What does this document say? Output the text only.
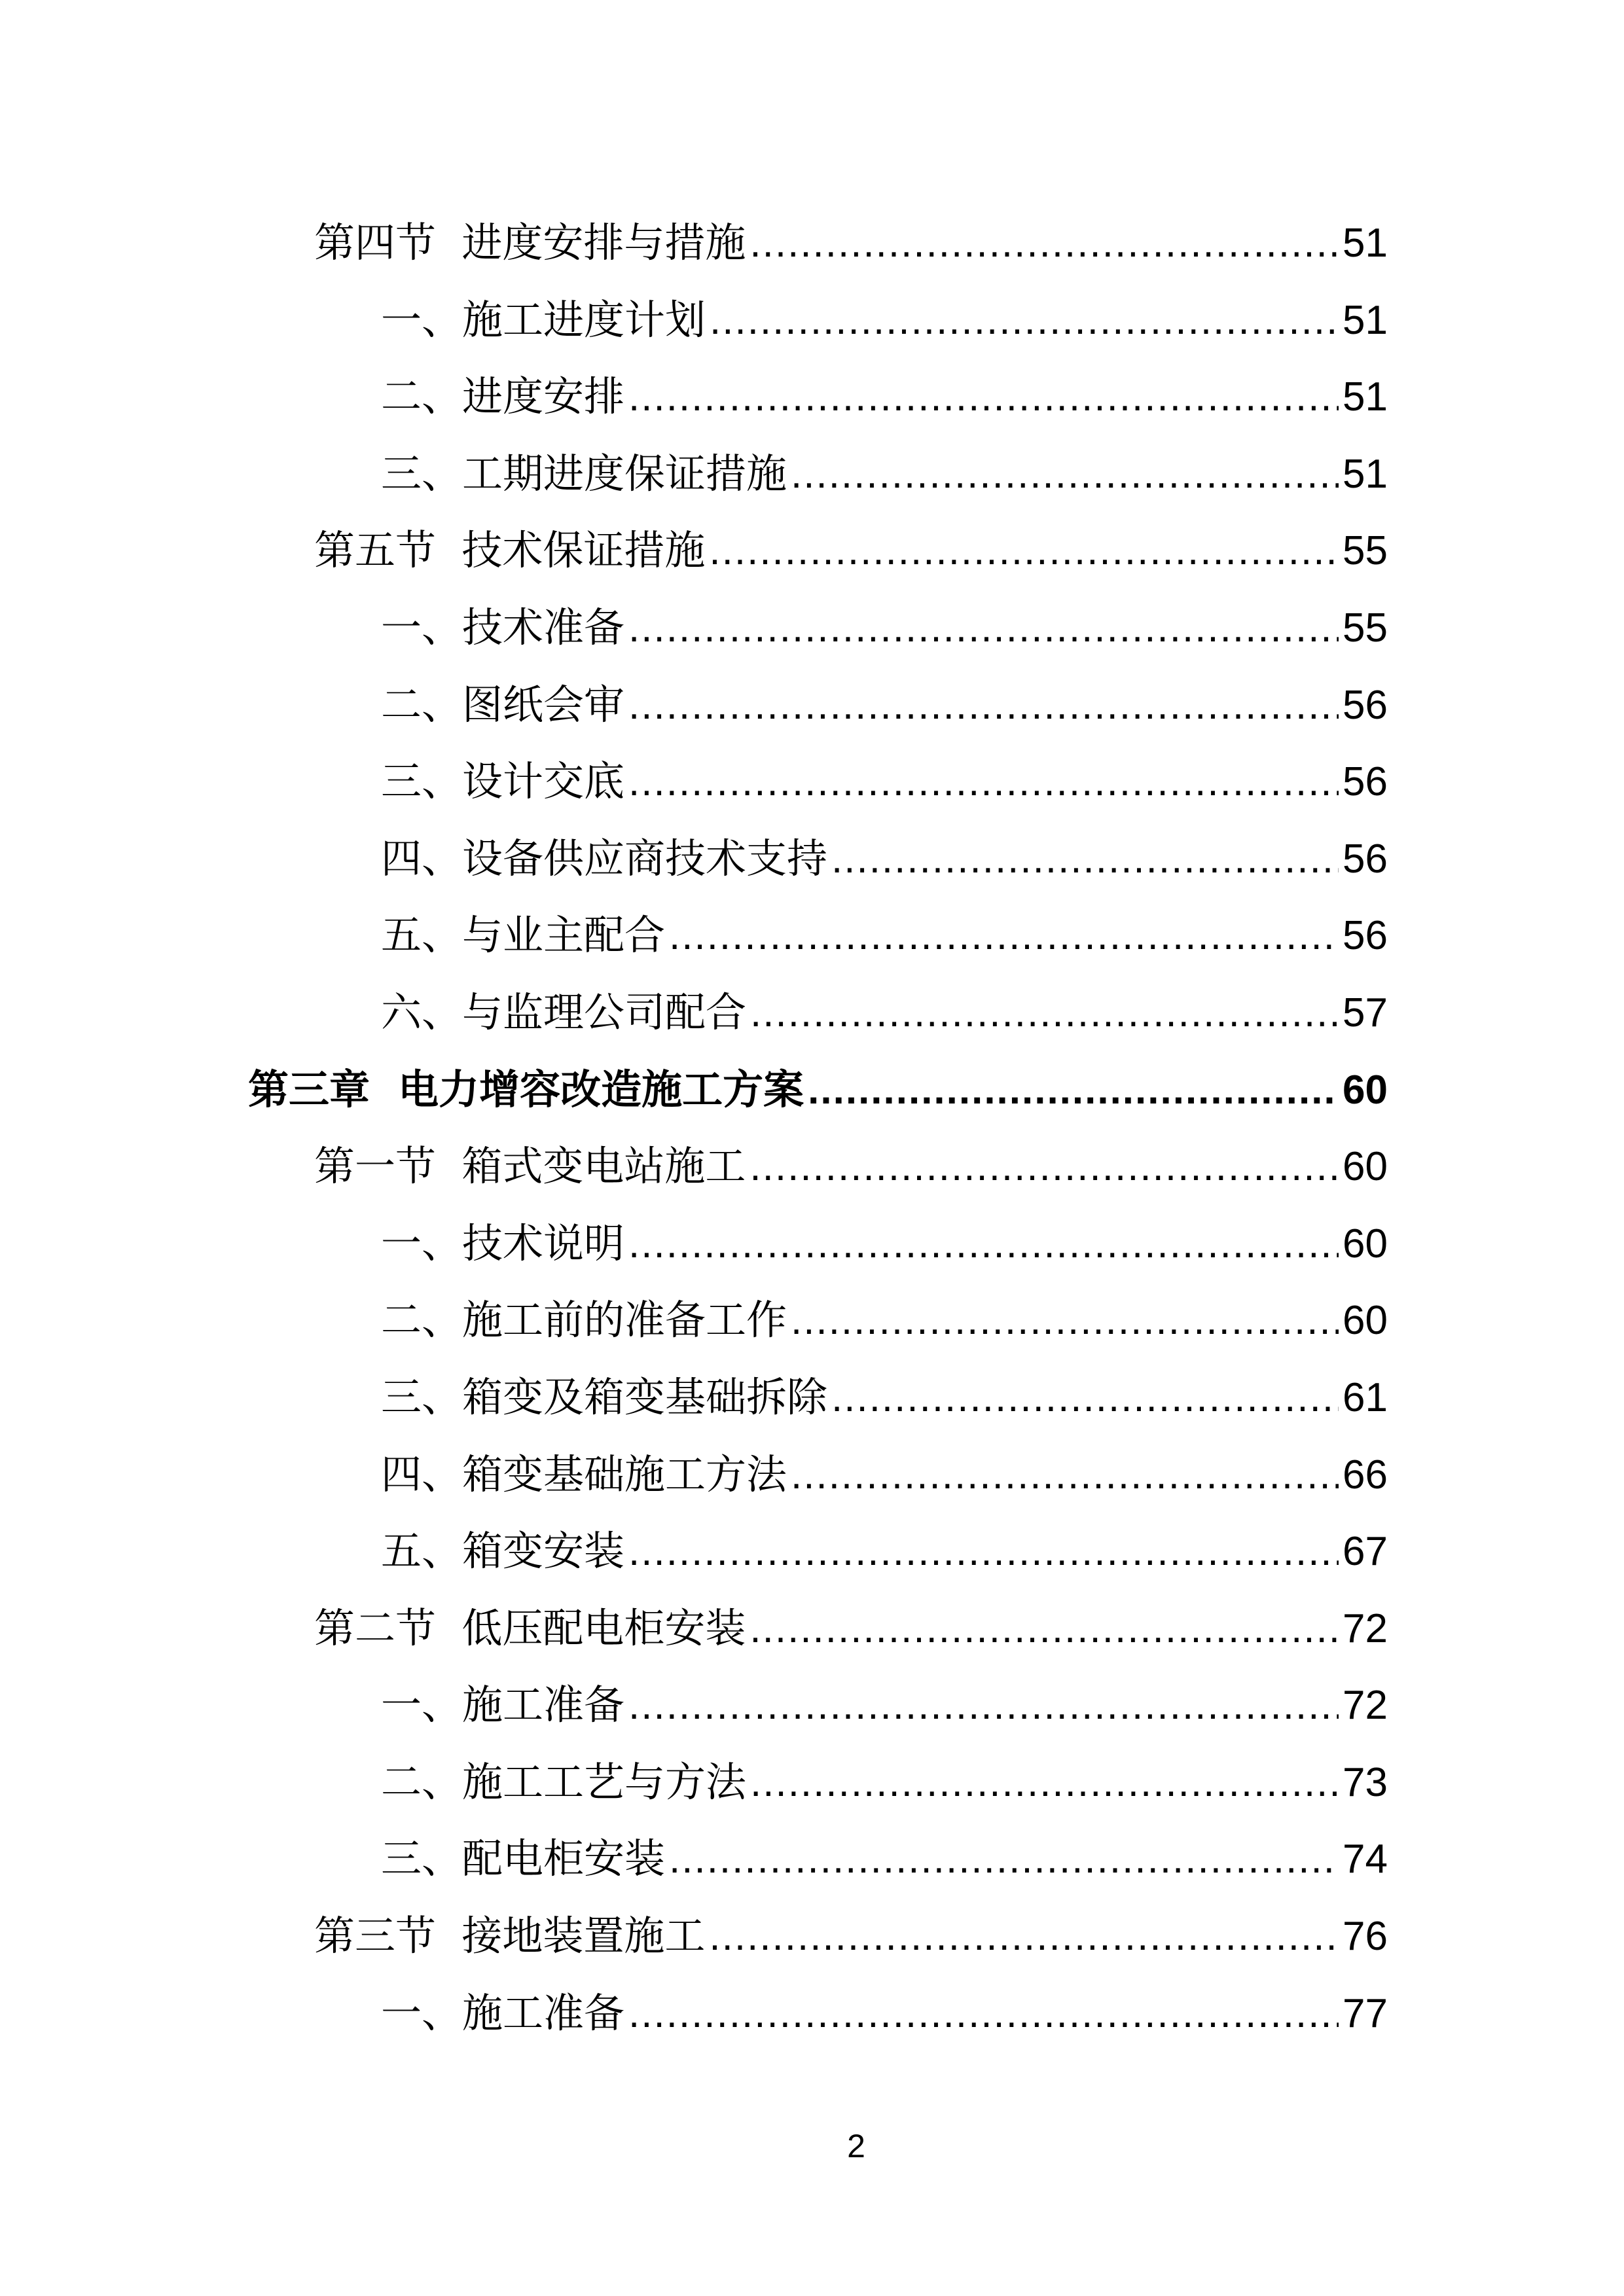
第四节  进度安排与措施 .....	51
一、施工进度计划 .....	51
二、进度安排 .....	51
三、工期进度保证措施 .....	51
第五节  技术保证措施 .....	55
一、技术准备 .....	55
二、图纸会审 .....	56
三、设计交底 .....	56
四、设备供应商技术支持 .....	56
五、与业主配合 .....	56
六、与监理公司配合 .....	57
第三章  电力增容改造施工方案 .....	60
第一节  箱式变电站施工 .....	60
一、技术说明 .....	60
二、施工前的准备工作 .....	60
三、箱变及箱变基础拆除 .....	61
四、箱变基础施工方法 .....	66
五、箱变安装 .....	67
第二节  低压配电柜安装 .....	72
一、施工准备 .....	72
二、施工工艺与方法 .....	73
三、配电柜安装 .....	74
第三节  接地装置施工 .....	76
一、施工准备 .....	77
2
